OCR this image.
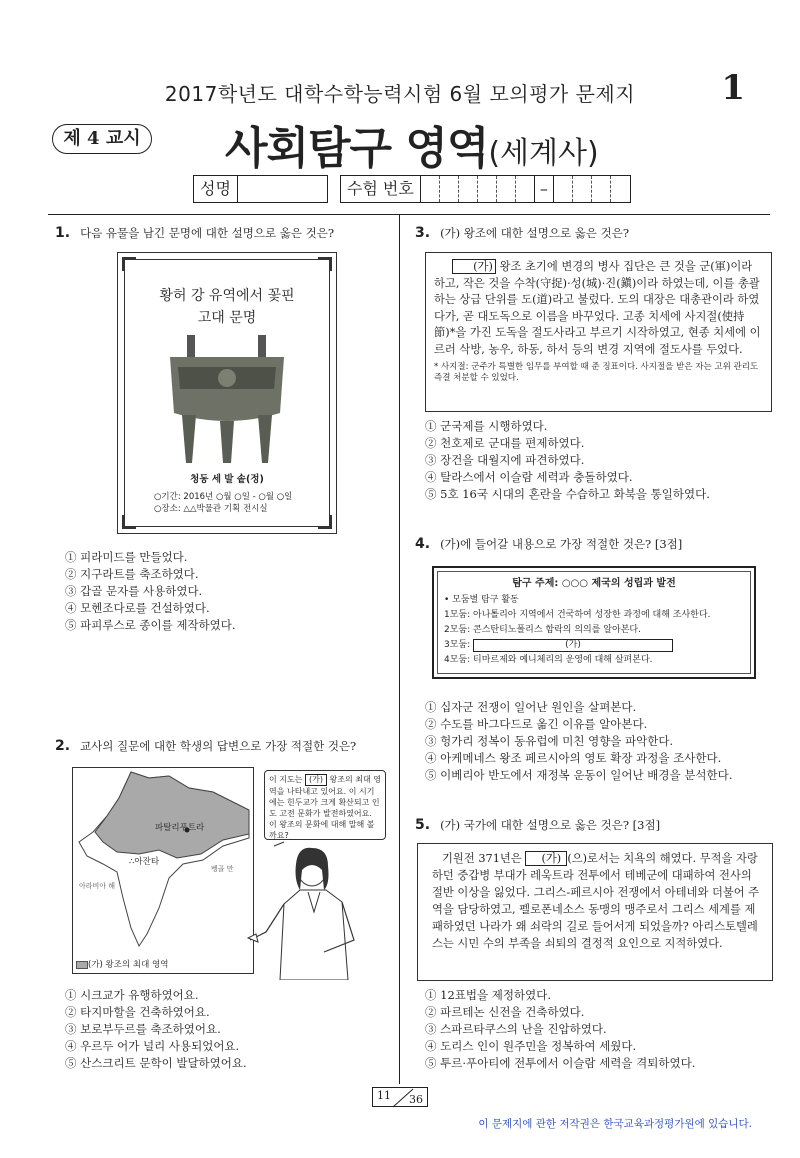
2017학년도 대학수학능력시험 6월 모의평가 문제지	1
제 4 교시 사회탐구 영역(세계사)
성명	수험 번호	–
1. 다음 유물을 남긴 문명에 대한 설명으로 옳은 것은?
황허 강 유역에서 꽃핀
고대 문명
청동 세 발 솥(정)
○기간: 2016년 ○월 ○일 - ○월 ○일
○장소: △△박물관 기획 전시실
① 피라미드를 만들었다.
② 지구라트를 축조하였다.
③ 갑골 문자를 사용하였다.
④ 모헨조다로를 건설하였다.
⑤ 파피루스로 종이를 제작하였다.
2. 교사의 질문에 대한 학생의 답변으로 가장 적절한 것은?
파탈리푸트라
∴아잔타
아라비아 해
벵골 만
(가) 왕조의 최대 영역
이 지도는 (가) 왕조의 최대 영역을 나타내고 있어요. 이 시기에는 힌두교가 크게 확산되고 인도 고전 문화가 발전하였어요. 이 왕조의 문화에 대해 말해 볼까요?
① 시크교가 유행하였어요.
② 타지마할을 건축하였어요.
③ 보로부두르를 축조하였어요.
④ 우르두 어가 널리 사용되었어요.
⑤ 산스크리트 문학이 발달하였어요.
3. (가) 왕조에 대한 설명으로 옳은 것은?
(가) 왕조 초기에 변경의 병사 집단은 큰 것을 군(軍)이라 하고, 작은 것을 수착(守捉)·성(城)·진(鎭)이라 하였는데, 이를 총괄하는 상급 단위를 도(道)라고 불렀다. 도의 대장은 대총관이라 하였다가, 곧 대도독으로 이름을 바꾸었다. 고종 치세에 사지절(使持節)*을 가진 도독을 절도사라고 부르기 시작하였고, 현종 치세에 이르러 삭방, 농우, 하동, 하서 등의 변경 지역에 절도사를 두었다.
* 사지절: 군주가 특별한 임무를 부여할 때 준 징표이다. 사지절을 받은 자는 고위 관리도 즉결 처분할 수 있었다.
① 군국제를 시행하였다.
② 천호제로 군대를 편제하였다.
③ 장건을 대월지에 파견하였다.
④ 탈라스에서 이슬람 세력과 충돌하였다.
⑤ 5호 16국 시대의 혼란을 수습하고 화북을 통일하였다.
4. (가)에 들어갈 내용으로 가장 적절한 것은? [3점]
탐구 주제: ○○○ 제국의 성립과 발전
• 모둠별 탐구 활동
1모둠: 아나톨리아 지역에서 건국하여 성장한 과정에 대해 조사한다.
2모둠: 콘스탄티노폴리스 함락의 의의를 알아본다.
3모둠:	(가)
4모둠: 티마르제와 예니체리의 운영에 대해 살펴본다.
① 십자군 전쟁이 일어난 원인을 살펴본다.
② 수도를 바그다드로 옮긴 이유를 알아본다.
③ 헝가리 정복이 동유럽에 미친 영향을 파악한다.
④ 아케메네스 왕조 페르시아의 영토 확장 과정을 조사한다.
⑤ 이베리아 반도에서 재정복 운동이 일어난 배경을 분석한다.
5. (가) 국가에 대한 설명으로 옳은 것은? [3점]
기원전 371년은 (가) (으)로서는 치욕의 해였다. 무적을 자랑하던 중갑병 부대가 레욱트라 전투에서 테베군에 대패하여 전사의 절반 이상을 잃었다. 그리스-페르시아 전쟁에서 아테네와 더불어 주역을 담당하였고, 펠로폰네소스 동맹의 맹주로서 그리스 세계를 제패하였던 나라가 왜 쇠락의 길로 들어서게 되었을까? 아리스토텔레스는 시민 수의 부족을 쇠퇴의 결정적 요인으로 지적하였다.
① 12표법을 제정하였다.
② 파르테논 신전을 건축하였다.
③ 스파르타쿠스의 난을 진압하였다.
④ 도리스 인이 원주민을 정복하여 세웠다.
⑤ 투르·푸아티에 전투에서 이슬람 세력을 격퇴하였다.
11 36
이 문제지에 관한 저작권은 한국교육과정평가원에 있습니다.
